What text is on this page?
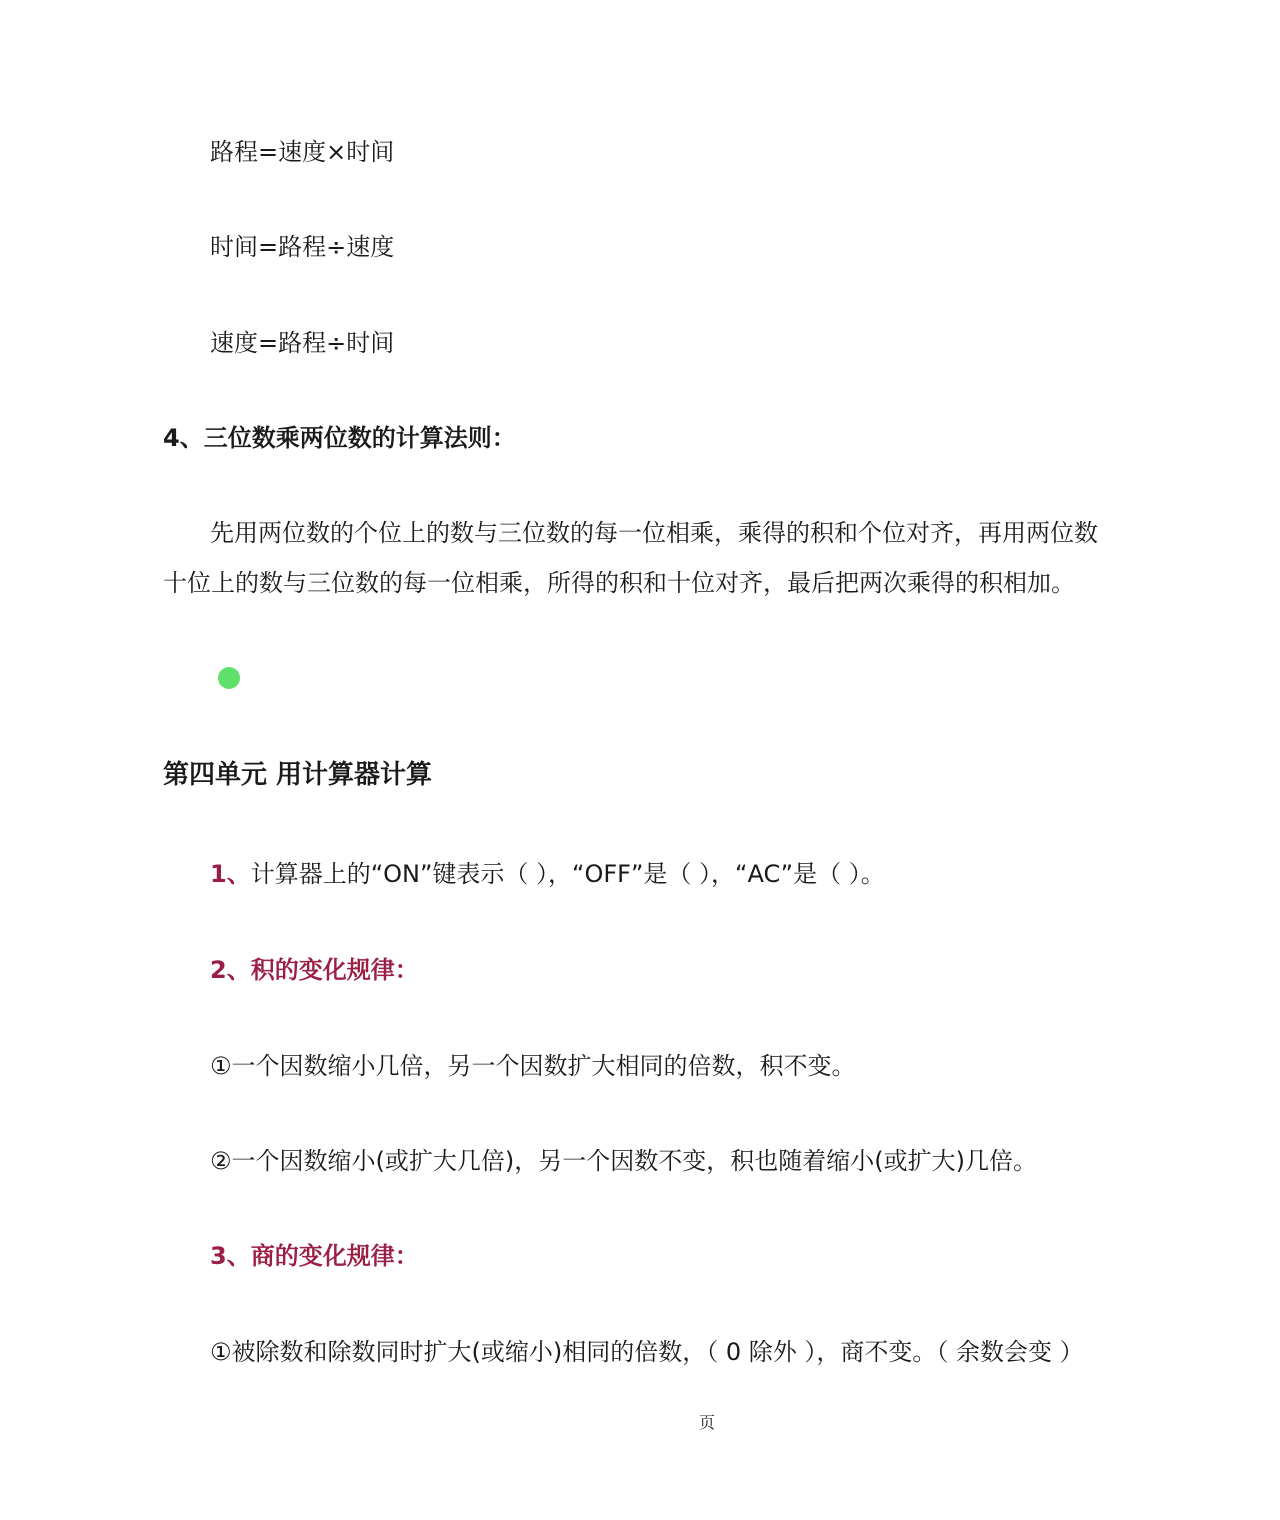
路程=速度×时间
时间=路程÷速度
速度=路程÷时间
4、三位数乘两位数的计算法则：
先用两位数的个位上的数与三位数的每一位相乘，乘得的积和个位对齐，再用两位数
十位上的数与三位数的每一位相乘，所得的积和十位对齐，最后把两次乘得的积相加。
第四单元 用计算器计算
1、计算器上的“ON”键表示（ ），“OFF”是（ ），“AC”是（ ）。
2、积的变化规律：
①一个因数缩小几倍，另一个因数扩大相同的倍数，积不变。
②一个因数缩小(或扩大几倍)，另一个因数不变，积也随着缩小(或扩大)几倍。
3、商的变化规律：
①被除数和除数同时扩大(或缩小)相同的倍数，（ 0 除外 ），商不变。（ 余数会变 ）
页
